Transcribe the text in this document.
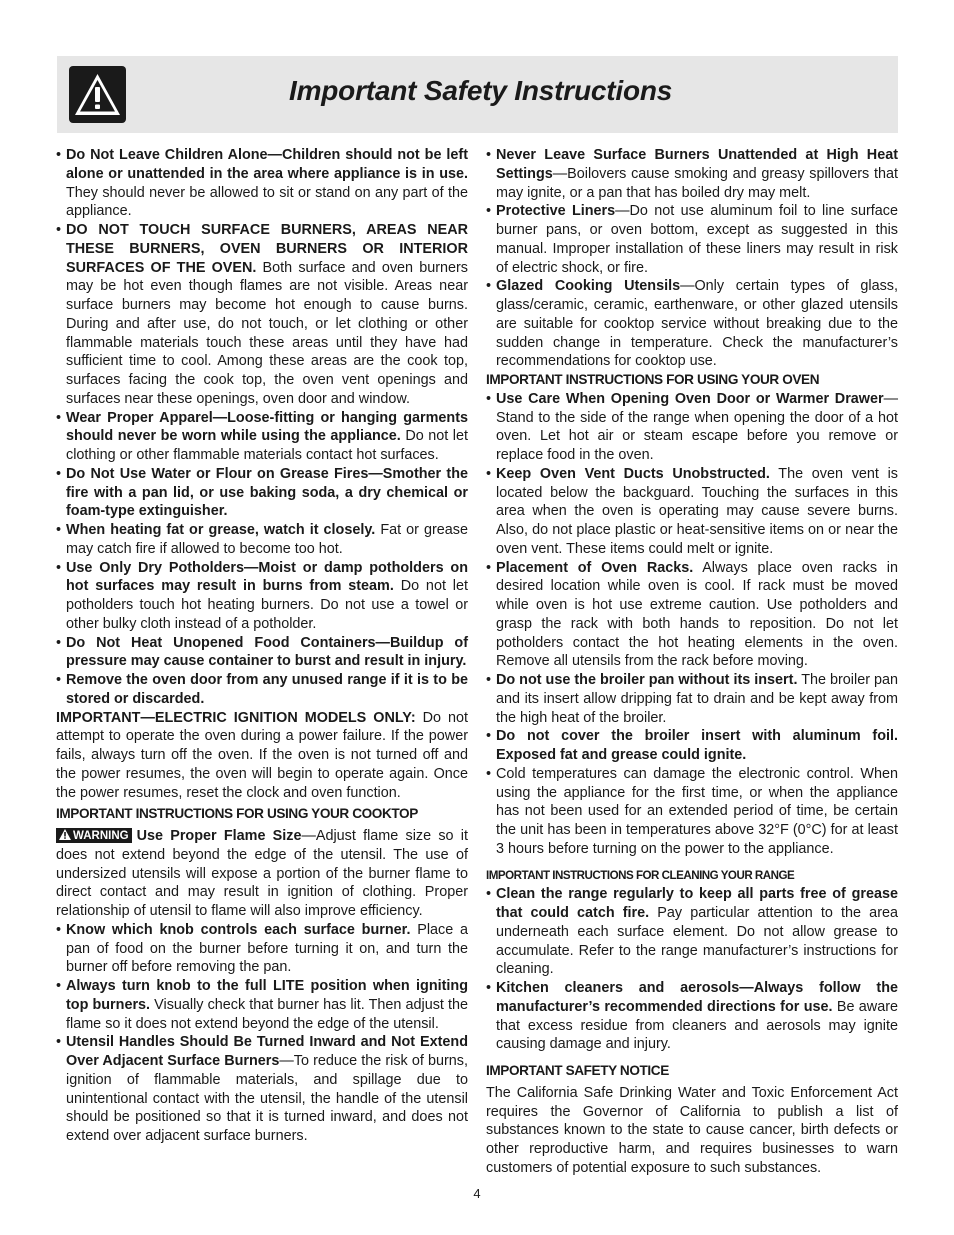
Important Safety Instructions

• Do Not Leave Children Alone—Children should not be left alone or unattended in the area where appliance is in use. They should never be allowed to sit or stand on any part of the appliance.

• DO NOT TOUCH SURFACE BURNERS, AREAS NEAR THESE BURNERS, OVEN BURNERS OR INTERIOR SURFACES OF THE OVEN. Both surface and oven burners may be hot even though flames are not visible. Areas near surface burners may become hot enough to cause burns. During and after use, do not touch, or let clothing or other flammable materials touch these areas until they have had sufficient time to cool. Among these areas are the cook top, surfaces facing the cook top, the oven vent openings and surfaces near these openings, oven door and window.

• Wear Proper Apparel—Loose-fitting or hanging garments should never be worn while using the appliance. Do not let clothing or other flammable materials contact hot surfaces.

• Do Not Use Water or Flour on Grease Fires—Smother the fire with a pan lid, or use baking soda, a dry chemical or foam-type extinguisher.

• When heating fat or grease, watch it closely. Fat or grease may catch fire if allowed to become too hot.

• Use Only Dry Potholders—Moist or damp potholders on hot surfaces may result in burns from steam. Do not let potholders touch hot heating burners. Do not use a towel or other bulky cloth instead of a potholder.

• Do Not Heat Unopened Food Containers—Buildup of pressure may cause container to burst and result in injury.

• Remove the oven door from any unused range if it is to be stored or discarded.

IMPORTANT—ELECTRIC IGNITION MODELS ONLY: Do not attempt to operate the oven during a power failure. If the power fails, always turn off the oven. If the oven is not turned off and the power resumes, the oven will begin to operate again. Once the power resumes, reset the clock and oven function.

IMPORTANT INSTRUCTIONS FOR USING YOUR COOKTOP

WARNING Use Proper Flame Size—Adjust flame size so it does not extend beyond the edge of the utensil. The use of undersized utensils will expose a portion of the burner flame to direct contact and may result in ignition of clothing. Proper relationship of utensil to flame will also improve efficiency.

• Know which knob controls each surface burner. Place a pan of food on the burner before turning it on, and turn the burner off before removing the pan.

• Always turn knob to the full LITE position when igniting top burners. Visually check that burner has lit. Then adjust the flame so it does not extend beyond the edge of the utensil.

• Utensil Handles Should Be Turned Inward and Not Extend Over Adjacent Surface Burners—To reduce the risk of burns, ignition of flammable materials, and spillage due to unintentional contact with the utensil, the handle of the utensil should be positioned so that it is turned inward, and does not extend over adjacent surface burners.

• Never Leave Surface Burners Unattended at High Heat Settings—Boilovers cause smoking and greasy spillovers that may ignite, or a pan that has boiled dry may melt.

• Protective Liners—Do not use aluminum foil to line surface burner pans, or oven bottom, except as suggested in this manual. Improper installation of these liners may result in risk of electric shock, or fire.

• Glazed Cooking Utensils—Only certain types of glass, glass/ceramic, ceramic, earthenware, or other glazed utensils are suitable for cooktop service without breaking due to the sudden change in temperature. Check the manufacturer’s recommendations for cooktop use.

IMPORTANT INSTRUCTIONS FOR USING YOUR OVEN

• Use Care When Opening Oven Door or Warmer Drawer—Stand to the side of the range when opening the door of a hot oven. Let hot air or steam escape before you remove or replace food in the oven.

• Keep Oven Vent Ducts Unobstructed. The oven vent is located below the backguard. Touching the surfaces in this area when the oven is operating may cause severe burns. Also, do not place plastic or heat-sensitive items on or near the oven vent. These items could melt or ignite.

• Placement of Oven Racks. Always place oven racks in desired location while oven is cool. If rack must be moved while oven is hot use extreme caution. Use potholders and grasp the rack with both hands to reposition. Do not let potholders contact the hot heating elements in the oven. Remove all utensils from the rack before moving.

• Do not use the broiler pan without its insert. The broiler pan and its insert allow dripping fat to drain and be kept away from the high heat of the broiler.

• Do not cover the broiler insert with aluminum foil. Exposed fat and grease could ignite.

• Cold temperatures can damage the electronic control. When using the appliance for the first time, or when the appliance has not been used for an extended period of time, be certain the unit has been in temperatures above 32°F (0°C) for at least 3 hours before turning on the power to the appliance.

IMPORTANT INSTRUCTIONS FOR CLEANING YOUR RANGE

• Clean the range regularly to keep all parts free of grease that could catch fire. Pay particular attention to the area underneath each surface element. Do not allow grease to accumulate. Refer to the range manufacturer’s instructions for cleaning.

• Kitchen cleaners and aerosols—Always follow the manufacturer’s recommended directions for use. Be aware that excess residue from cleaners and aerosols may ignite causing damage and injury.

IMPORTANT SAFETY NOTICE

The California Safe Drinking Water and Toxic Enforcement Act requires the Governor of California to publish a list of substances known to the state to cause cancer, birth defects or other reproductive harm, and requires businesses to warn customers of potential exposure to such substances.

4
